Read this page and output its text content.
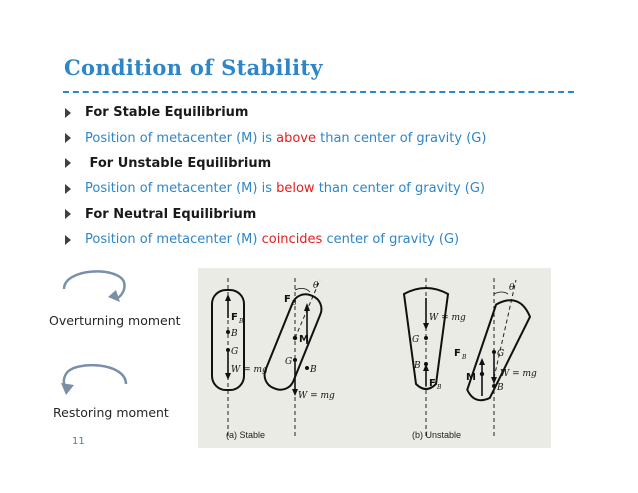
Condition of Stability
For Stable Equilibrium
Position of metacenter (M) is above than center of gravity (G)
For Unstable Equilibrium
Position of metacenter (M) is below than center of gravity (G)
For Neutral Equilibrium
Position of metacenter (M) coincides center of gravity (G)

Overturning moment

Restoring moment

F B
B
G
W = mg
θ
F B
M
G
B
W = mg
W = mg
G
B
F B
θ
F B	G
M
B
W = mg
(a) Stable	(b) Unstable

11
